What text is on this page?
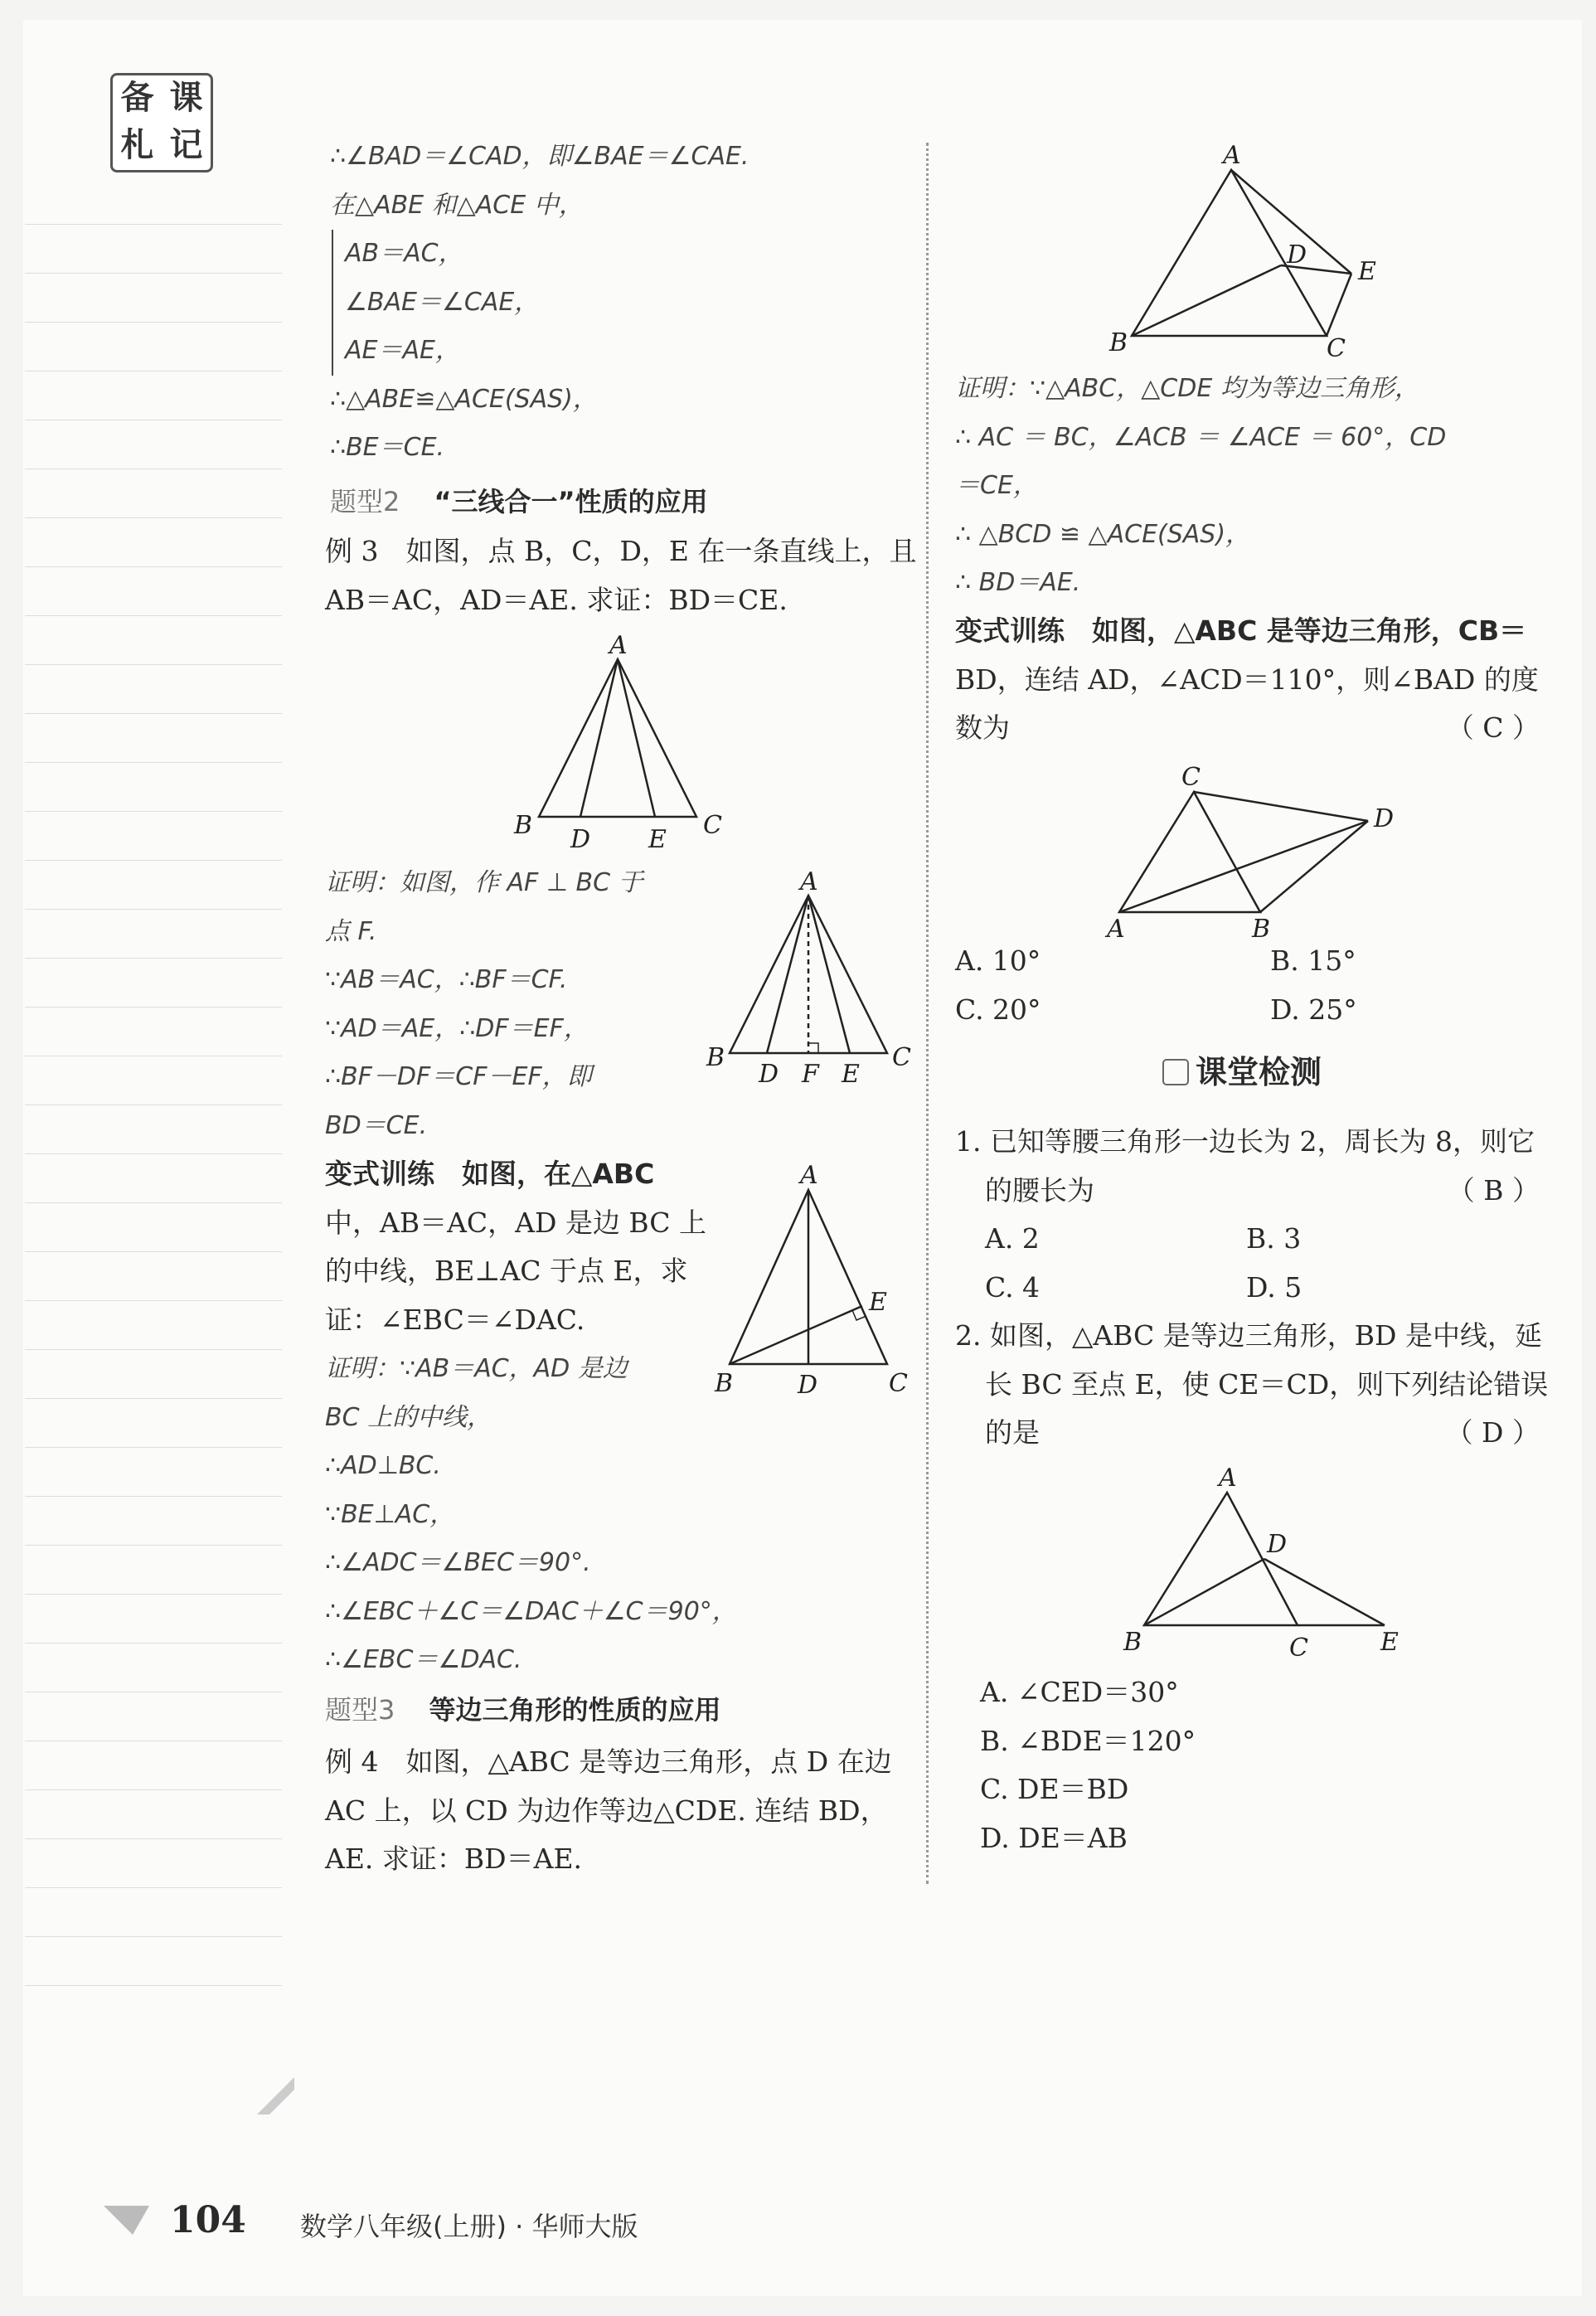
备 课
札 记	∴∠BAD＝∠CAD，即∠BAE＝∠CAE.

在△ABE 和△ACE 中，

AB＝AC，

∠BAE＝∠CAE，

AE＝AE，

∴△ABE≌△ACE(SAS)，

∴BE＝CE.

题型2 “三线合一”性质的应用

例 3　如图，点 B，C，D，E 在一条直线上，且

AB＝AC，AD＝AE. 求证：BD＝CE.

A
B D E C

证明：如图，作 AF ⊥ BC 于

点 F.

∵AB＝AC，∴BF＝CF.

∵AD＝AE，∴DF＝EF，

∴BF－DF＝CF－EF，即

BD＝CE.

A
B
D F E
C

变式训练　如图，在△ABC

中，AB＝AC，AD 是边 BC 上

的中线，BE⊥AC 于点 E，求

证：∠EBC＝∠DAC.

A
B	D	C
E

证明：∵AB＝AC，AD 是边

BC 上的中线，

∴AD⊥BC.

∵BE⊥AC，

∴∠ADC＝∠BEC＝90°.

∴∠EBC＋∠C＝∠DAC＋∠C＝90°，

∴∠EBC＝∠DAC.

题型3 等边三角形的性质的应用

例 4　如图，△ABC 是等边三角形，点 D 在边

AC 上，以 CD 为边作等边△CDE. 连结 BD，

AE. 求证：BD＝AE.

A
D
E
B	C

证明：∵△ABC，△CDE 均为等边三角形，

∴ AC ＝ BC，∠ACB ＝ ∠ACE ＝ 60°，CD

＝CE，

∴ △BCD ≌ △ACE(SAS)，

∴ BD＝AE.

变式训练　如图，△ABC 是等边三角形，CB＝

BD，连结 AD，∠ACD＝110°，则∠BAD 的度

数为	（ C ）

C
D
A	B

A. 10°	B. 15°

C. 20°	D. 25°

课堂检测

1. 已知等腰三角形一边长为 2，周长为 8，则它

的腰长为	（ B ）

A. 2	B. 3

C. 4	D. 5

2. 如图，△ABC 是等边三角形，BD 是中线，延

长 BC 至点 E，使 CE＝CD，则下列结论错误

的是	（ D ）

A
D
B	C	E

A. ∠CED＝30°

B. ∠BDE＝120°

C. DE＝BD

D. DE＝AB

104 数学八年级(上册) · 华师大版
